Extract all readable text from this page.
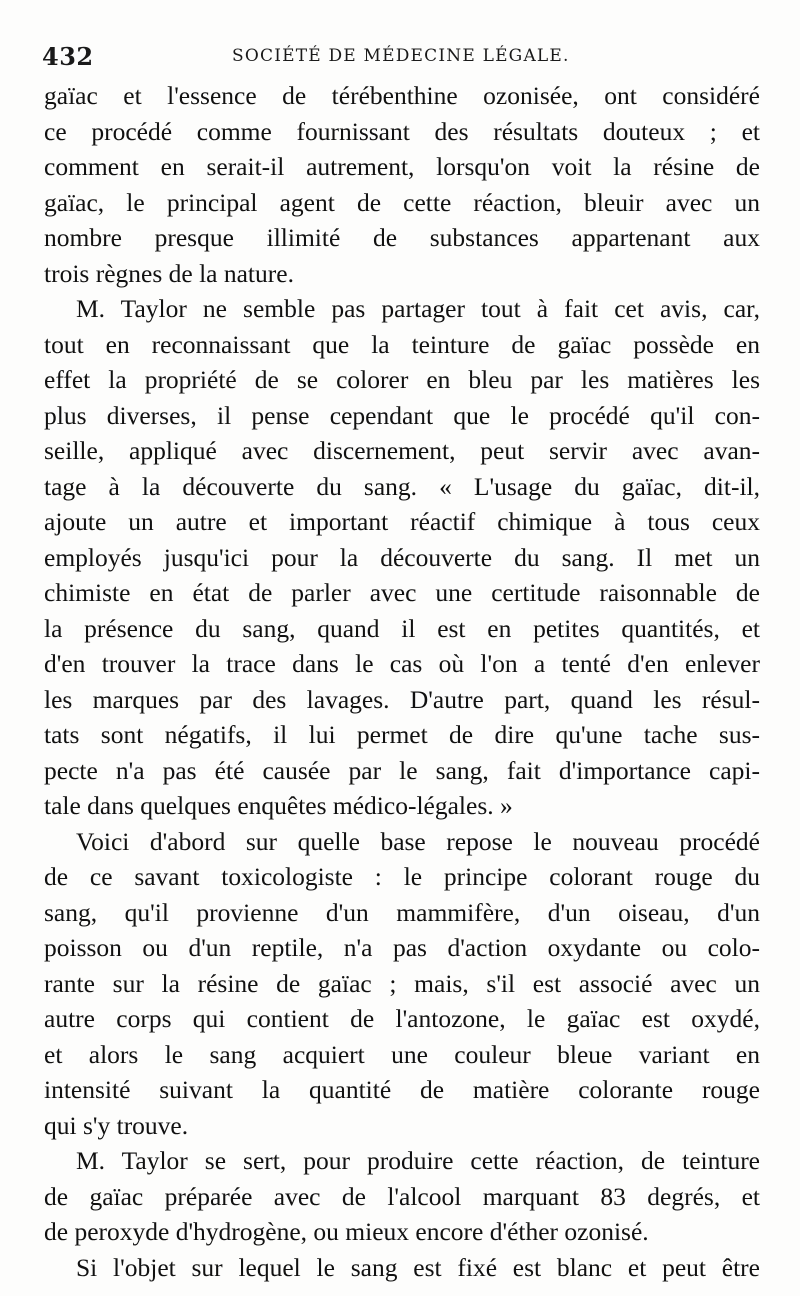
432	SOCIÉTÉ DE MÉDECINE LÉGALE.
gaïac et l'essence de térébenthine ozonisée, ont considéré
ce procédé comme fournissant des résultats douteux ; et
comment en serait-il autrement, lorsqu'on voit la résine de
gaïac, le principal agent de cette réaction, bleuir avec un
nombre presque illimité de substances appartenant aux
trois règnes de la nature.
M. Taylor ne semble pas partager tout à fait cet avis, car,
tout en reconnaissant que la teinture de gaïac possède en
effet la propriété de se colorer en bleu par les matières les
plus diverses, il pense cependant que le procédé qu'il con-
seille, appliqué avec discernement, peut servir avec avan-
tage à la découverte du sang. « L'usage du gaïac, dit-il,
ajoute un autre et important réactif chimique à tous ceux
employés jusqu'ici pour la découverte du sang. Il met un
chimiste en état de parler avec une certitude raisonnable de
la présence du sang, quand il est en petites quantités, et
d'en trouver la trace dans le cas où l'on a tenté d'en enlever
les marques par des lavages. D'autre part, quand les résul-
tats sont négatifs, il lui permet de dire qu'une tache sus-
pecte n'a pas été causée par le sang, fait d'importance capi-
tale dans quelques enquêtes médico-légales. »
Voici d'abord sur quelle base repose le nouveau procédé
de ce savant toxicologiste : le principe colorant rouge du
sang, qu'il provienne d'un mammifère, d'un oiseau, d'un
poisson ou d'un reptile, n'a pas d'action oxydante ou colo-
rante sur la résine de gaïac ; mais, s'il est associé avec un
autre corps qui contient de l'antozone, le gaïac est oxydé,
et alors le sang acquiert une couleur bleue variant en
intensité suivant la quantité de matière colorante rouge
qui s'y trouve.
M. Taylor se sert, pour produire cette réaction, de teinture
de gaïac préparée avec de l'alcool marquant 83 degrés, et
de peroxyde d'hydrogène, ou mieux encore d'éther ozonisé.
Si l'objet sur lequel le sang est fixé est blanc et peut être
